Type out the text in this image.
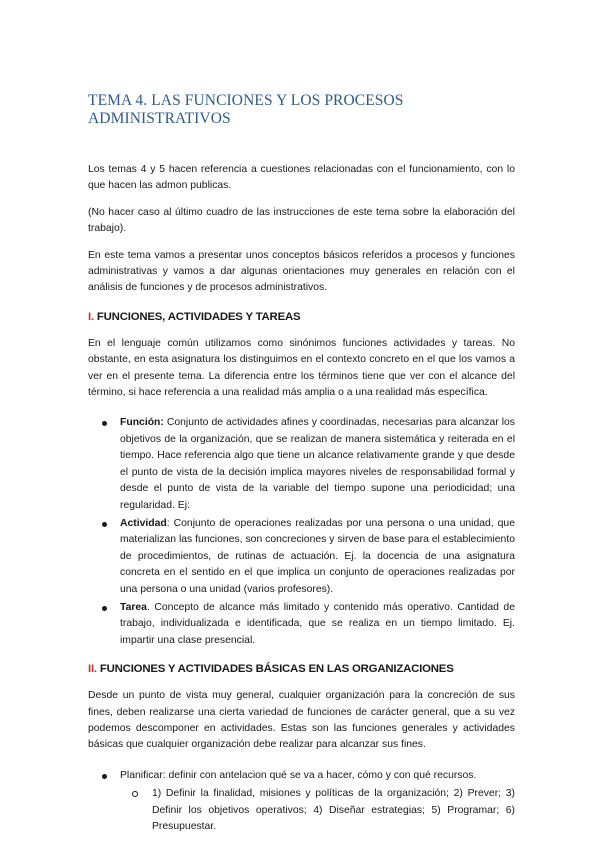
TEMA 4. LAS FUNCIONES Y LOS PROCESOS ADMINISTRATIVOS

Los temas 4 y 5 hacen referencia a cuestiones relacionadas con el funcionamiento, con lo que hacen las admon publicas.

(No hacer caso al último cuadro de las instrucciones de este tema sobre la elaboración del trabajo).

En este tema vamos a presentar unos conceptos básicos referidos a procesos y funciones administrativas y vamos a dar algunas orientaciones muy generales en relación con el análisis de funciones y de procesos administrativos.

I. FUNCIONES, ACTIVIDADES Y TAREAS

En el lenguaje común utilizamos como sinónimos funciones actividades y tareas. No obstante, en esta asignatura los distinguimos en el contexto concreto en el que los vamos a ver en el presente tema. La diferencia entre los términos tiene que ver con el alcance del término, si hace referencia a una realidad más amplia o a una realidad más específica.

Función: Conjunto de actividades afines y coordinadas, necesarias para alcanzar los objetivos de la organización, que se realizan de manera sistemática y reiterada en el tiempo. Hace referencia algo que tiene un alcance relativamente grande y que desde el punto de vista de la decisión implica mayores niveles de responsabilidad formal y desde el punto de vista de la variable del tiempo supone una periodicidad; una regularidad. Ej:
Actividad: Conjunto de operaciones realizadas por una persona o una unidad, que materializan las funciones, son concreciones y sirven de base para el establecimiento de procedimientos, de rutinas de actuación. Ej. la docencia de una asignatura concreta en el sentido en el que implica un conjunto de operaciones realizadas por una persona o una unidad (varios profesores).
Tarea. Concepto de alcance más limitado y contenido más operativo. Cantidad de trabajo, individualizada e identificada, que se realiza en un tiempo limitado. Ej. impartir una clase presencial.
II. FUNCIONES Y ACTIVIDADES BÁSICAS EN LAS ORGANIZACIONES

Desde un punto de vista muy general, cualquier organización para la concreción de sus fines, deben realizarse una cierta variedad de funciones de carácter general, que a su vez podemos descomponer en actividades. Estas son las funciones generales y actividades básicas que cualquier organización debe realizar para alcanzar sus fines.

Planificar: definir con antelacion qué se va a hacer, cómo y con qué recursos.
1) Definir la finalidad, misiones y políticas de la organización; 2) Prever; 3) Definir los objetivos operativos; 4) Diseñar estrategias; 5) Programar; 6) Presupuestar.
